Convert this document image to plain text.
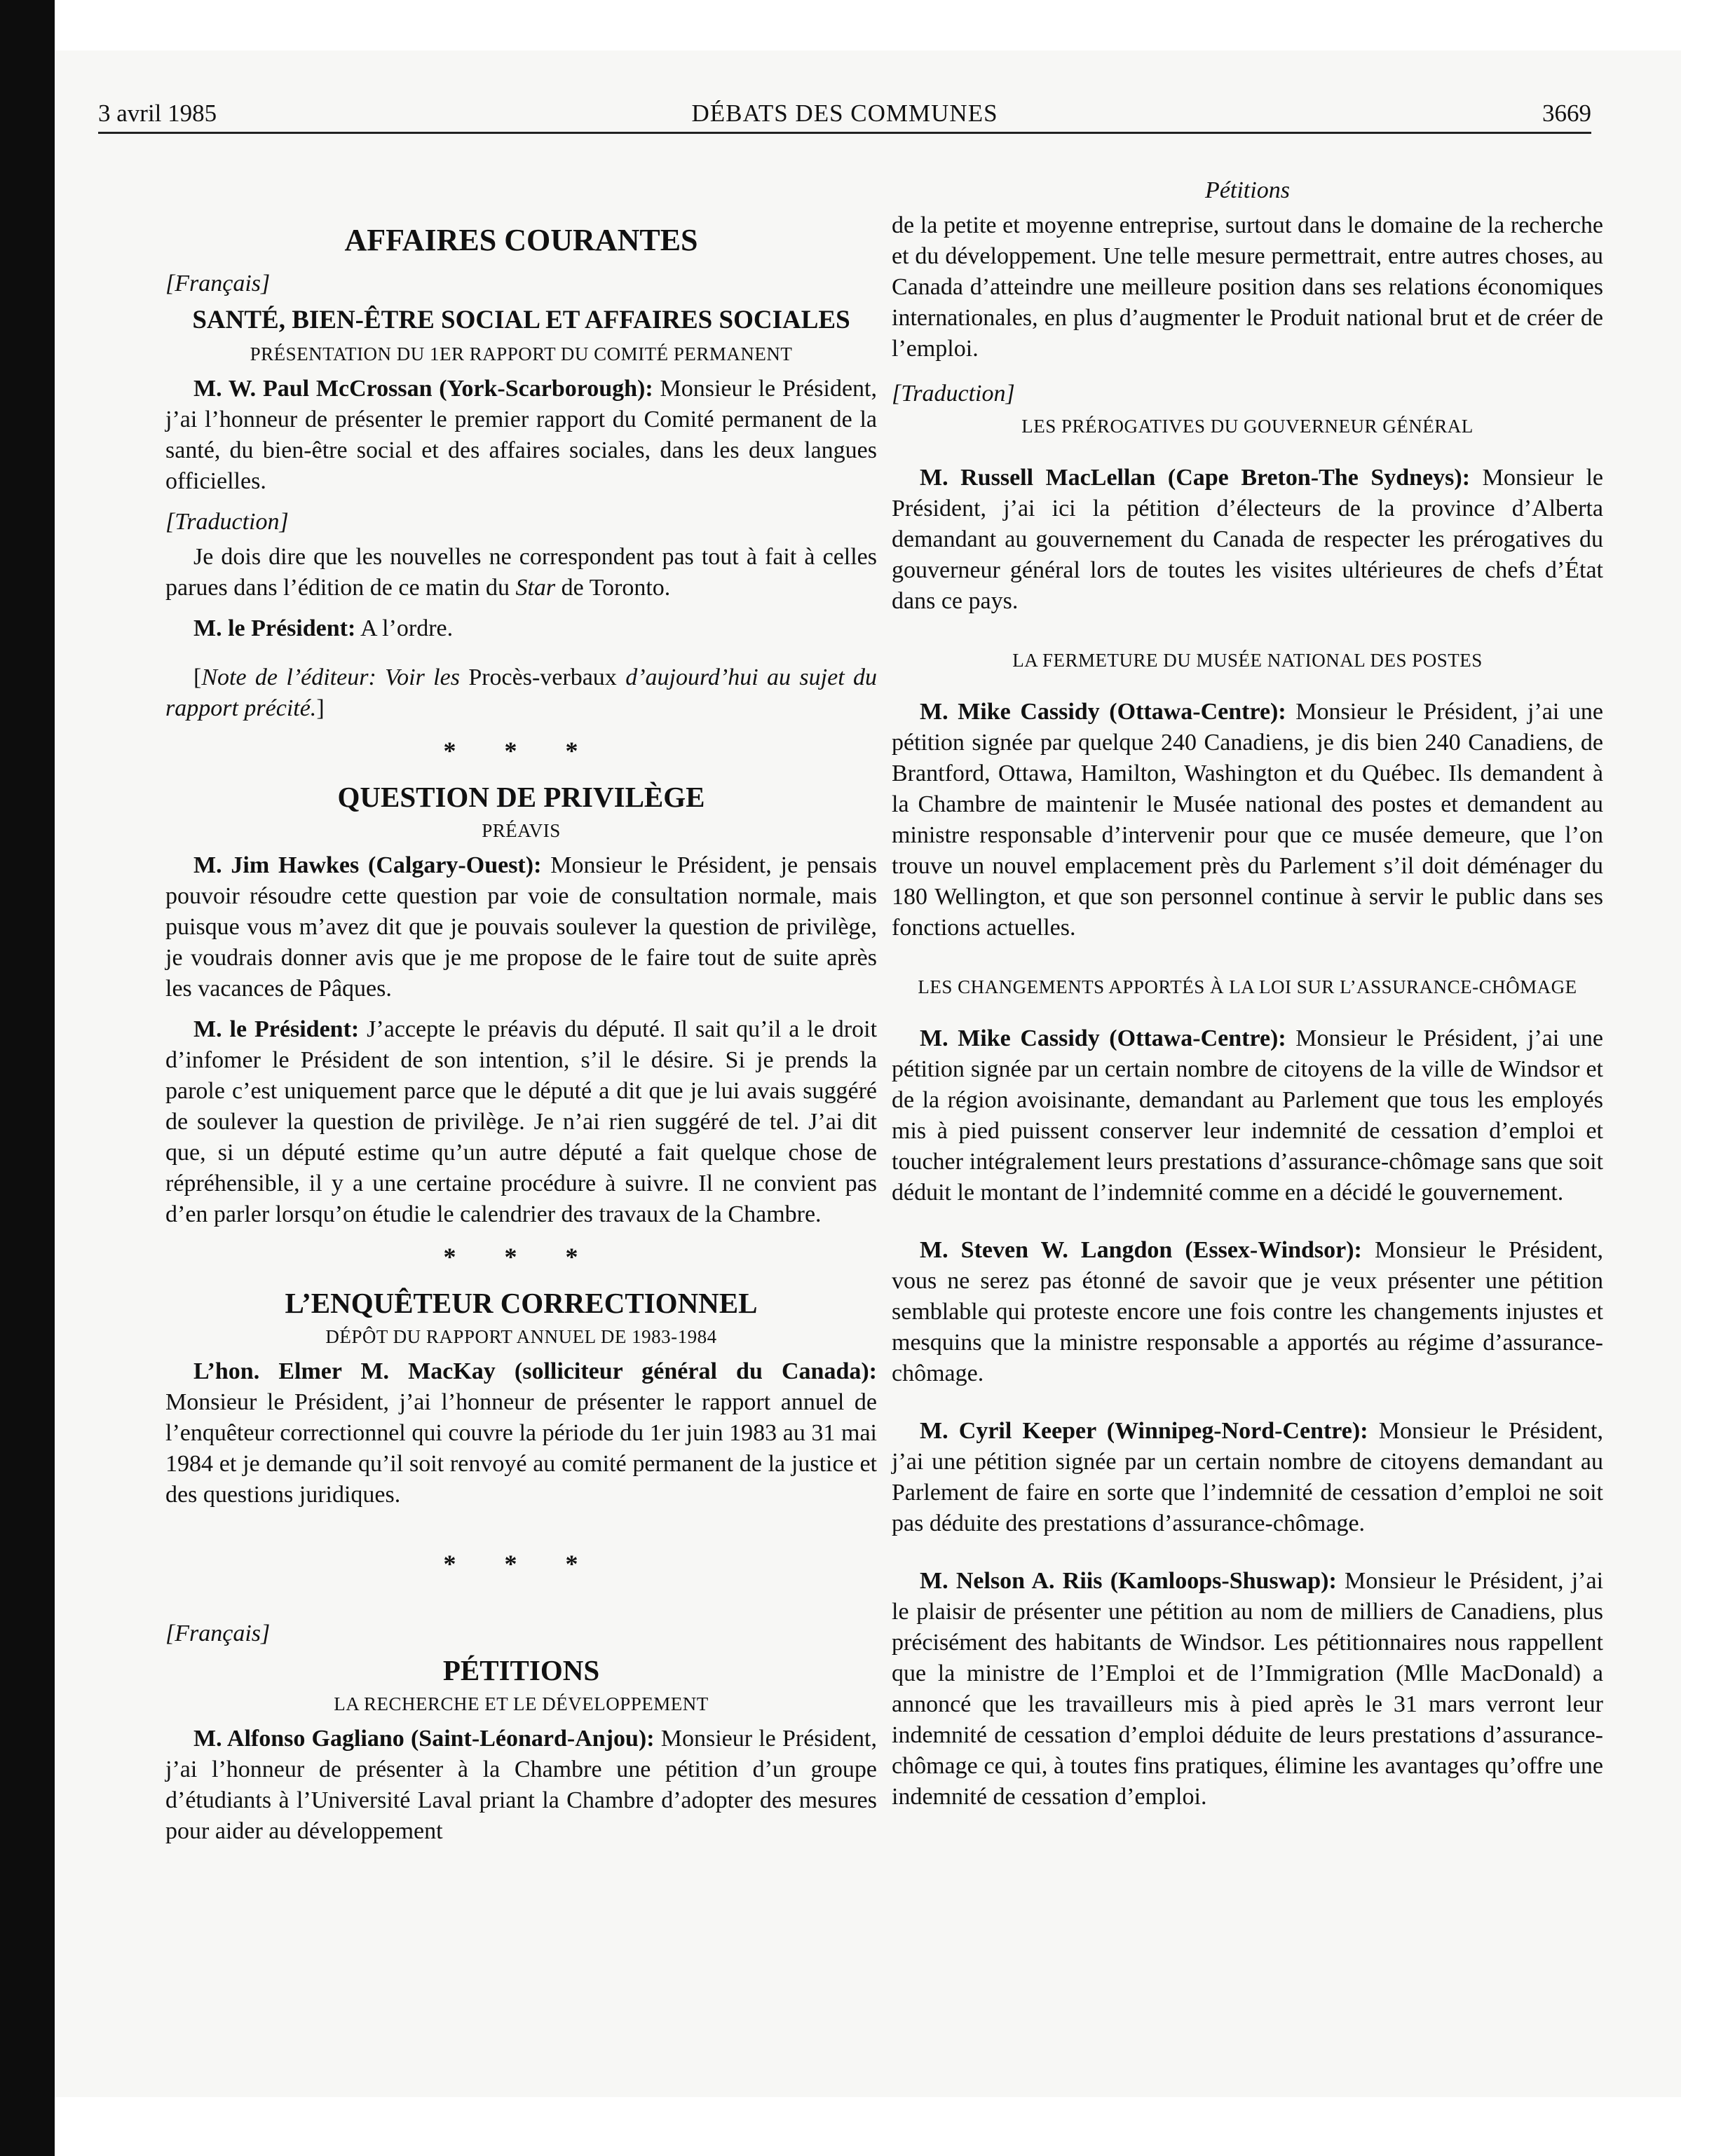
3 avril 1985	DÉBATS DES COMMUNES	3669
AFFAIRES COURANTES
[Français]
SANTÉ, BIEN-ÊTRE SOCIAL ET AFFAIRES SOCIALES
PRÉSENTATION DU 1ER RAPPORT DU COMITÉ PERMANENT

M. W. Paul McCrossan (York-Scarborough): Monsieur le Président, j’ai l’honneur de présenter le premier rapport du Comité permanent de la santé, du bien-être social et des affaires sociales, dans les deux langues officielles.

[Traduction]

Je dois dire que les nouvelles ne correspondent pas tout à fait à celles parues dans l’édition de ce matin du Star de Toronto.

M. le Président: A l’ordre.

[Note de l’éditeur: Voir les Procès-verbaux d’aujourd’hui au sujet du rapport précité.]

* * *
QUESTION DE PRIVILÈGE
PRÉAVIS

M. Jim Hawkes (Calgary-Ouest): Monsieur le Président, je pensais pouvoir résoudre cette question par voie de consultation normale, mais puisque vous m’avez dit que je pouvais soulever la question de privilège, je voudrais donner avis que je me propose de le faire tout de suite après les vacances de Pâques.

M. le Président: J’accepte le préavis du député. Il sait qu’il a le droit d’infomer le Président de son intention, s’il le désire. Si je prends la parole c’est uniquement parce que le député a dit que je lui avais suggéré de soulever la question de privilège. Je n’ai rien suggéré de tel. J’ai dit que, si un député estime qu’un autre député a fait quelque chose de répréhensible, il y a une certaine procédure à suivre. Il ne convient pas d’en parler lorsqu’on étudie le calendrier des travaux de la Chambre.

* * *
L’ENQUÊTEUR CORRECTIONNEL
DÉPÔT DU RAPPORT ANNUEL DE 1983-1984

L’hon. Elmer M. MacKay (solliciteur général du Canada): Monsieur le Président, j’ai l’honneur de présenter le rapport annuel de l’enquêteur correctionnel qui couvre la période du 1er juin 1983 au 31 mai 1984 et je demande qu’il soit renvoyé au comité permanent de la justice et des questions juridiques.

* * *
[Français]
PÉTITIONS
LA RECHERCHE ET LE DÉVELOPPEMENT

M. Alfonso Gagliano (Saint-Léonard-Anjou): Monsieur le Président, j’ai l’honneur de présenter à la Chambre une pétition d’un groupe d’étudiants à l’Université Laval priant la Chambre d’adopter des mesures pour aider au développement

Pétitions

de la petite et moyenne entreprise, surtout dans le domaine de la recherche et du développement. Une telle mesure permettrait, entre autres choses, au Canada d’atteindre une meilleure position dans ses relations économiques internationales, en plus d’augmenter le Produit national brut et de créer de l’emploi.

[Traduction]
LES PRÉROGATIVES DU GOUVERNEUR GÉNÉRAL

M. Russell MacLellan (Cape Breton-The Sydneys): Monsieur le Président, j’ai ici la pétition d’électeurs de la province d’Alberta demandant au gouvernement du Canada de respecter les prérogatives du gouverneur général lors de toutes les visites ultérieures de chefs d’État dans ce pays.

LA FERMETURE DU MUSÉE NATIONAL DES POSTES

M. Mike Cassidy (Ottawa-Centre): Monsieur le Président, j’ai une pétition signée par quelque 240 Canadiens, je dis bien 240 Canadiens, de Brantford, Ottawa, Hamilton, Washington et du Québec. Ils demandent à la Chambre de maintenir le Musée national des postes et demandent au ministre responsable d’intervenir pour que ce musée demeure, que l’on trouve un nouvel emplacement près du Parlement s’il doit déménager du 180 Wellington, et que son personnel continue à servir le public dans ses fonctions actuelles.

LES CHANGEMENTS APPORTÉS À LA LOI SUR L’ASSURANCE-CHÔMAGE

M. Mike Cassidy (Ottawa-Centre): Monsieur le Président, j’ai une pétition signée par un certain nombre de citoyens de la ville de Windsor et de la région avoisinante, demandant au Parlement que tous les employés mis à pied puissent conserver leur indemnité de cessation d’emploi et toucher intégralement leurs prestations d’assurance-chômage sans que soit déduit le montant de l’indemnité comme en a décidé le gouvernement.

M. Steven W. Langdon (Essex-Windsor): Monsieur le Président, vous ne serez pas étonné de savoir que je veux présenter une pétition semblable qui proteste encore une fois contre les changements injustes et mesquins que la ministre responsable a apportés au régime d’assurance-chômage.

M. Cyril Keeper (Winnipeg-Nord-Centre): Monsieur le Président, j’ai une pétition signée par un certain nombre de citoyens demandant au Parlement de faire en sorte que l’indemnité de cessation d’emploi ne soit pas déduite des prestations d’assurance-chômage.

M. Nelson A. Riis (Kamloops-Shuswap): Monsieur le Président, j’ai le plaisir de présenter une pétition au nom de milliers de Canadiens, plus précisément des habitants de Windsor. Les pétitionnaires nous rappellent que la ministre de l’Emploi et de l’Immigration (Mlle MacDonald) a annoncé que les travailleurs mis à pied après le 31 mars verront leur indemnité de cessation d’emploi déduite de leurs prestations d’assurance-chômage ce qui, à toutes fins pratiques, élimine les avantages qu’offre une indemnité de cessation d’emploi.
